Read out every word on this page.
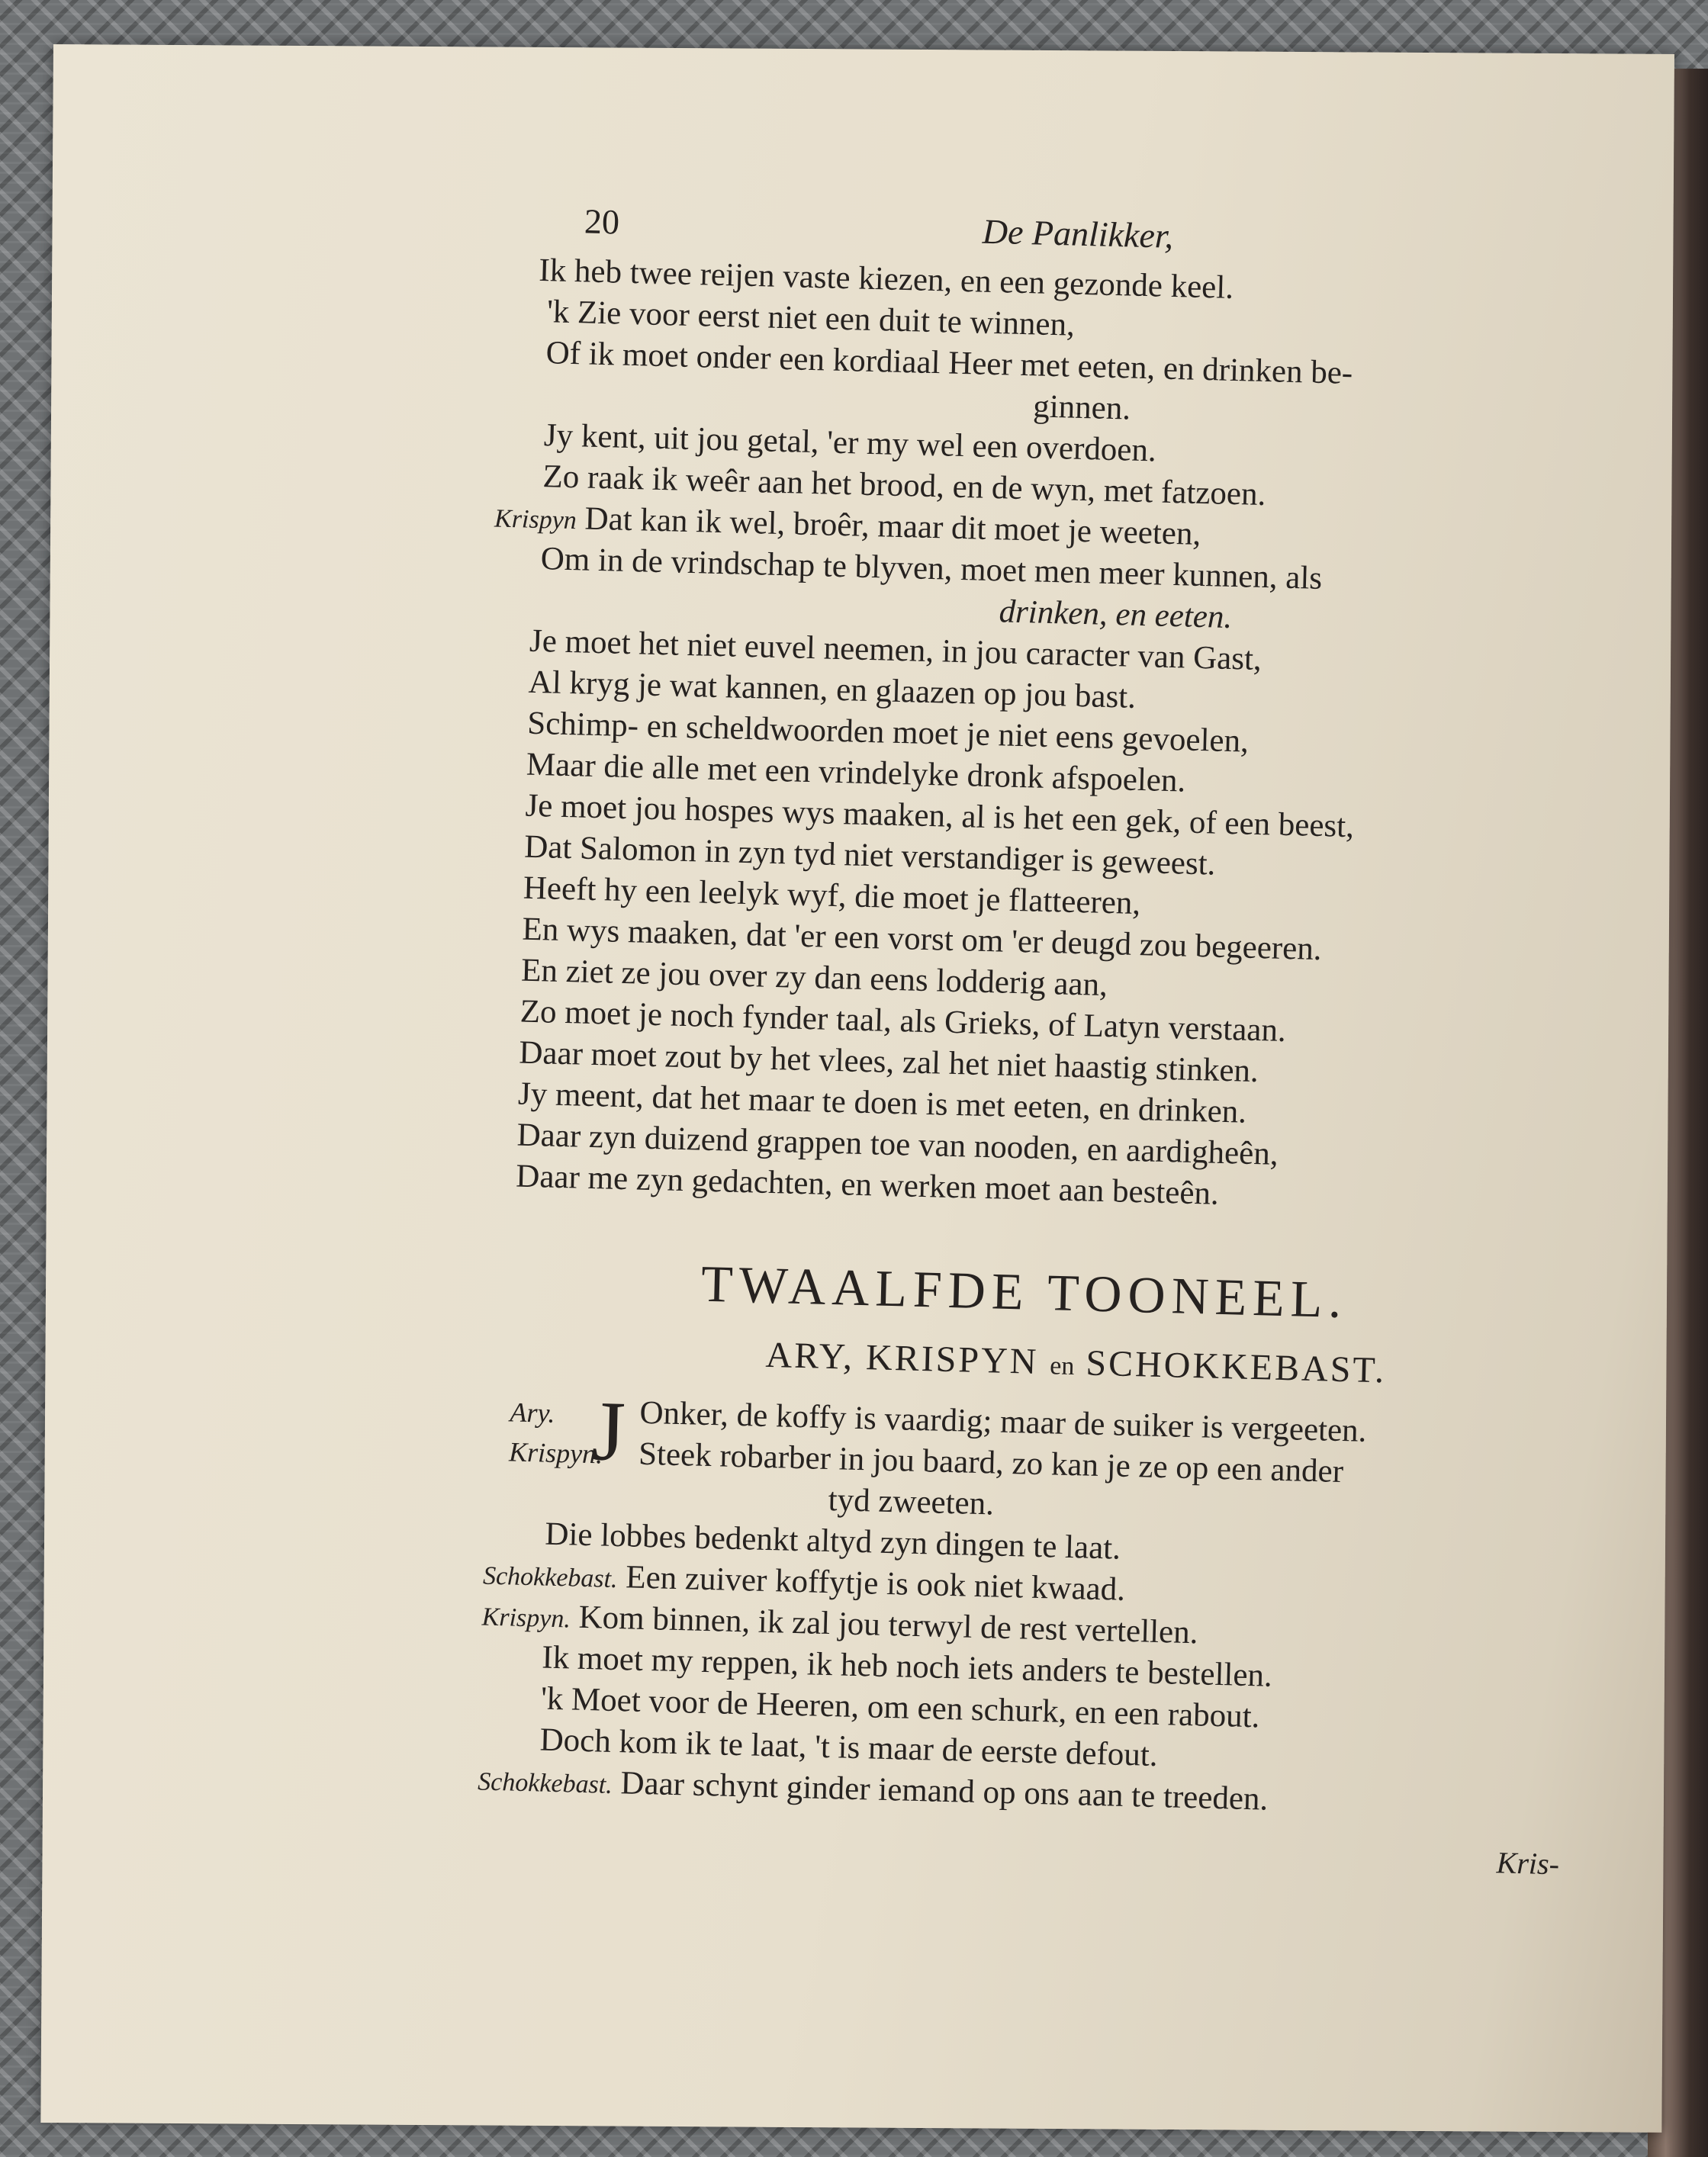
20	De Panlikker,
Ik heb twee reijen vaste kiezen, en een gezonde keel.
'k Zie voor eerst niet een duit te winnen,
Of ik moet onder een kordiaal Heer met eeten, en drinken be-
ginnen.
Jy kent, uit jou getal, 'er my wel een overdoen.
Zo raak ik weêr aan het brood, en de wyn, met fatzoen.
Krispyn Dat kan ik wel, broêr, maar dit moet je weeten,
Om in de vrindschap te blyven, moet men meer kunnen, als
drinken, en eeten.
Je moet het niet euvel neemen, in jou caracter van Gast,
Al kryg je wat kannen, en glaazen op jou bast.
Schimp- en scheldwoorden moet je niet eens gevoelen,
Maar die alle met een vrindelyke dronk afspoelen.
Je moet jou hospes wys maaken, al is het een gek, of een beest,
Dat Salomon in zyn tyd niet verstandiger is geweest.
Heeft hy een leelyk wyf, die moet je flatteeren,
En wys maaken, dat 'er een vorst om 'er deugd zou begeeren.
En ziet ze jou over zy dan eens lodderig aan,
Zo moet je noch fynder taal, als Grieks, of Latyn verstaan.
Daar moet zout by het vlees, zal het niet haastig stinken.
Jy meent, dat het maar te doen is met eeten, en drinken.
Daar zyn duizend grappen toe van nooden, en aardigheên,
Daar me zyn gedachten, en werken moet aan besteên.
TWAALFDE TOONEEL.
ARY, KRISPYN en SCHOKKEBAST.
Ary.
Krispyn.
J Onker, de koffy is vaardig; maar de suiker is vergeeten.
Steek robarber in jou baard, zo kan je ze op een ander
tyd zweeten.
Die lobbes bedenkt altyd zyn dingen te laat.
Schokkebast. Een zuiver koffytje is ook niet kwaad.
Krispyn. Kom binnen, ik zal jou terwyl de rest vertellen.
Ik moet my reppen, ik heb noch iets anders te bestellen.
'k Moet voor de Heeren, om een schurk, en een rabout.
Doch kom ik te laat, 't is maar de eerste defout.
Schokkebast. Daar schynt ginder iemand op ons aan te treeden.
Kris-
